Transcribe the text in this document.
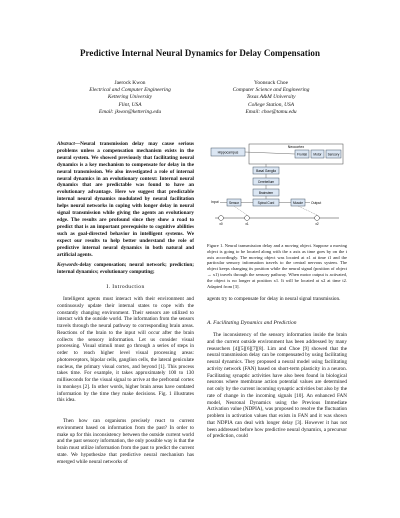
Predictive Internal Neural Dynamics for Delay Compensation
Jaerock Kwon
Electrical and Computer Engineering
Kettering University
Flint, USA
Email: jkwon@kettering.edu
Yoonsuck Choe
Computer Science and Engineering
Texas A&M University
College Station, USA
Email: choe@tamu.edu
Abstract—Neural transmission delay may cause serious problems unless a compensation mechanism exists in the neural system. We showed previously that facilitating neural dynamics is a key mechanism to compensate for delay in the neural transmission. We also investigated a role of internal neural dynamics in an evolutionary context: Internal neural dynamics that are predictable was found to have an evolutionary advantage. Here we suggest that predictable internal neural dynamics modulated by neural facilitation helps neural networks in coping with longer delay in neural signal transmission while giving the agents an evolutionary edge. The results are profound since they show a road to predict that is an important prerequisite to cognitive abilities such as goal-directed behavior in intelligent systems. We expect our results to help better understand the role of predictive internal neural dynamics in both natural and artificial agents.
Keywords-delay compensation; neural network; prediction; internal dynamics; evolutionary computing;
I. Introduction
Intelligent agents must interact with their environment and continuously update their internal states to cope with the constantly changing environment. Their sensors are utilized to interact with the outside world. The information from the sensors travels through the neural pathway to corresponding brain areas. Reactions of the brain to the input will occur after the brain collects the sensory information. Let us consider visual processing. Visual stimuli must go through a series of steps in order to reach higher level visual processing areas: photoreceptors, bipolar cells, ganglion cells, the lateral geniculate nucleus, the primary visual cortex, and beyond [1]. This process takes time. For example, it takes approximately 100 to 130 milliseconds for the visual signal to arrive at the prefrontal cortex in monkeys [2]. In other words, higher brain areas have outdated information by the time they make decisions. Fig. 1 illustrates this idea.
Then how can organisms precisely react to current environment based on information from the past? In order to make up for this inconsistency between the outside current world and the past sensory information, the only possible way is that the brain must utilize information from the past to predict the current state. We hypothesize that predictive neural mechanism has emerged while neural networks of
Neocortex
Hippocampus	Frontal Motor Sensory
Basal Ganglia
Cerebellum
Brainstem
Input	Sensor	Spinal Cord	Muscle Output
x0	x1	x2
Figure 1. Neural transmission delay and a moving object. Suppose a moving object is going to be located along with the x axis as time goes by on the t axis accordingly. The moving object was located at x1 at time t1 and the particular sensory information travels to the central nervous system. The object keeps changing its position while the neural signal (position of object → x1) travels through the sensory pathway. When motor output is activated, the object is no longer at position x1. It will be located at x2 at time t2. Adapted from [3].
agents try to compensate for delay in neural signal transmission.
A. Facilitating Dynamics and Prediction
The inconsistency of the sensory information inside the brain and the current outside environment has been addressed by many researchers [4][5][6][7][8]. Lim and Choe [9] showed that the neural transmission delay can be compensated by using facilitating neural dynamics. They proposed a neural model using facilitating activity network (FAN) based on short-term plasticity in a neuron. Facilitating synaptic activities have also been found in biological neurons where membrane action potential values are determined not only by the current incoming synaptic activities but also by the rate of change in the incoming signals [10]. An enhanced FAN model, Neuronal Dynamics using the Previous Immediate Activation value (NDPIA), was proposed to resolve the fluctuation problem in activation values that exists in FAN and it was shown that NDPIA can deal with longer delay [3]. However it has not been addressed before how predictive neural dynamics, a precursor of prediction, could
